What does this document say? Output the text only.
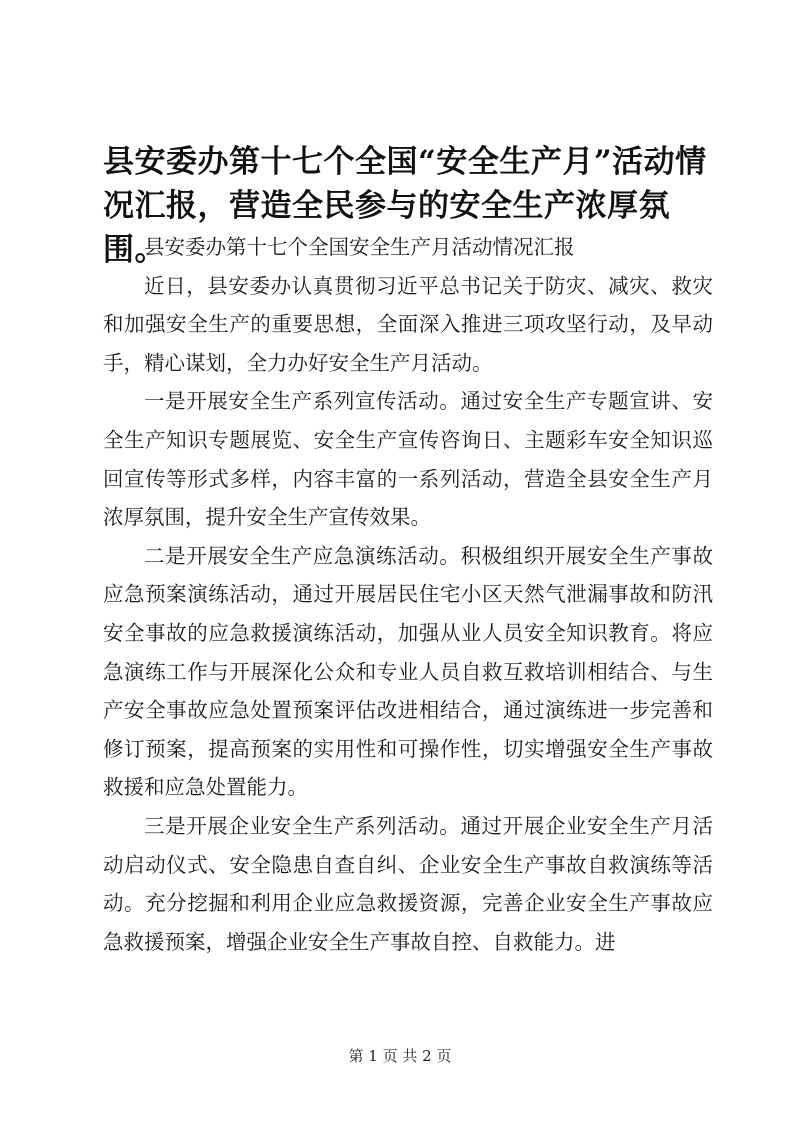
县安委办第十七个全国“安全生产月”活动情况汇报，营造全民参与的安全生产浓厚氛围。

县安委办第十七个全国安全生产月活动情况汇报

近日，县安委办认真贯彻习近平总书记关于防灾、减灾、救灾和加强安全生产的重要思想，全面深入推进三项攻坚行动，及早动手，精心谋划，全力办好安全生产月活动。

一是开展安全生产系列宣传活动。通过安全生产专题宣讲、安全生产知识专题展览、安全生产宣传咨询日、主题彩车安全知识巡回宣传等形式多样，内容丰富的一系列活动，营造全县安全生产月浓厚氛围，提升安全生产宣传效果。

二是开展安全生产应急演练活动。积极组织开展安全生产事故应急预案演练活动，通过开展居民住宅小区天然气泄漏事故和防汛安全事故的应急救援演练活动，加强从业人员安全知识教育。将应急演练工作与开展深化公众和专业人员自救互救培训相结合、与生产安全事故应急处置预案评估改进相结合，通过演练进一步完善和修订预案，提高预案的实用性和可操作性，切实增强安全生产事故救援和应急处置能力。

三是开展企业安全生产系列活动。通过开展企业安全生产月活动启动仪式、安全隐患自查自纠、企业安全生产事故自救演练等活动。充分挖掘和利用企业应急救援资源，完善企业安全生产事故应急救援预案，增强企业安全生产事故自控、自救能力。进

第 1 页 共 2 页
